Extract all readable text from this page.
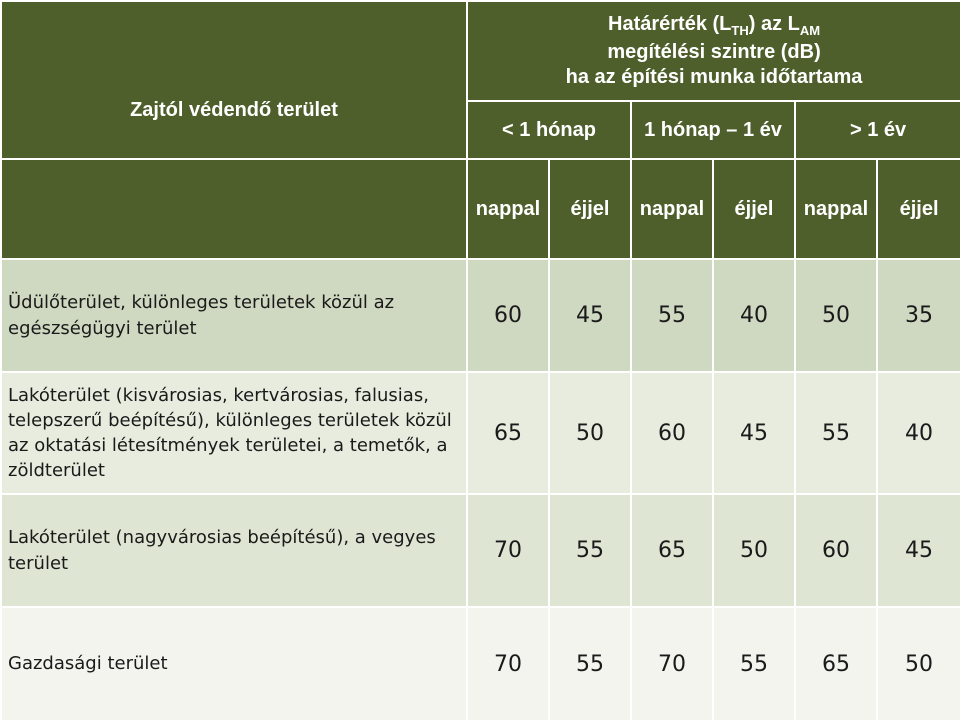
Zajtól védendő terület	Határérték $(L_{TH})$ az $L_{AM}$
megítélési szintre (dB)
ha az építési munka időtartama					

	< 1 hónap		1 hónap – 1 év		> 1 év	
	nappal	éjjel	nappal	éjjel	nappal	éjjel
Üdülőterület, különleges területek közül az egészségügyi terület	60	45	55	40	50	35
Lakóterület (kisvárosias, kertvárosias, falusias, telepszerű beépítésű), különleges területek közül az oktatási létesítmények területei, a temetők, a zöldterület	65	50	60	45	55	40
Lakóterület (nagyvárosias beépítésű), a vegyes terület	70	55	65	50	60	45
Gazdasági terület	70	55	70	55	65	50
